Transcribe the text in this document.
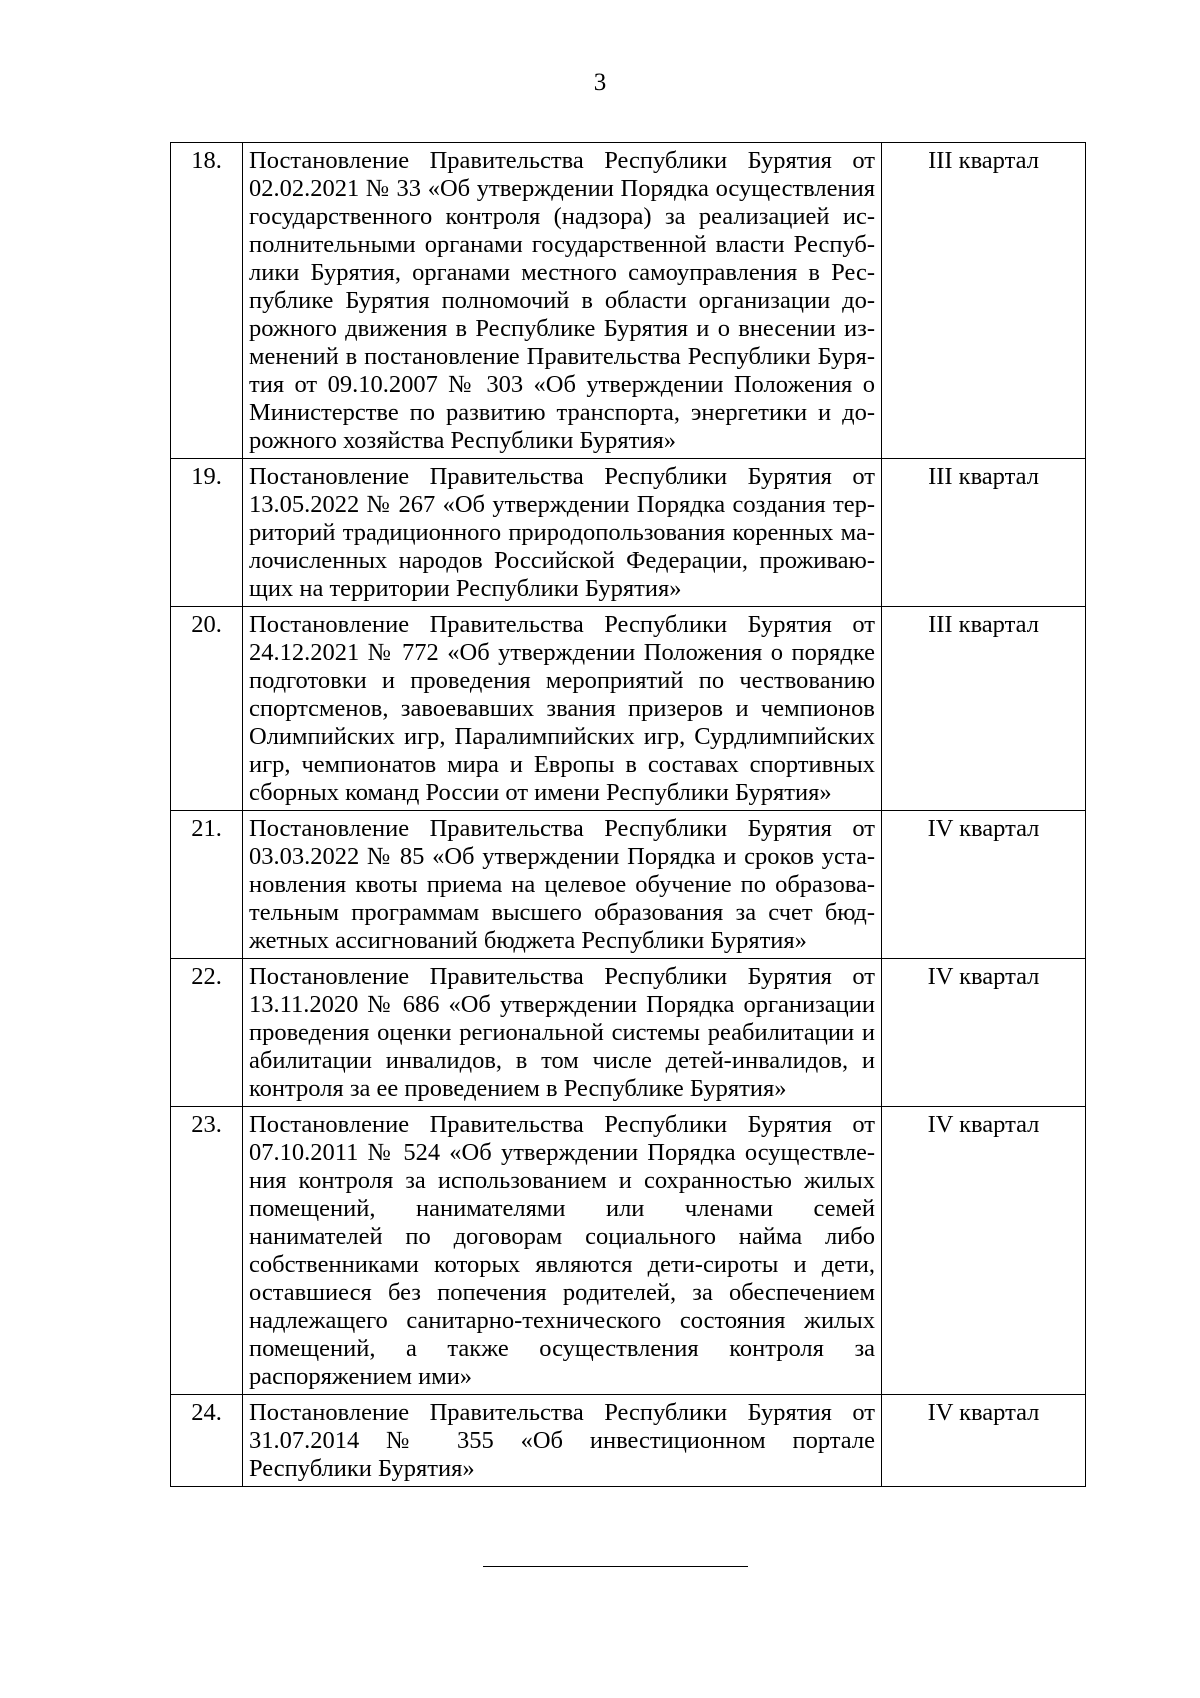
3
18.	Постановление Правительства Республики Бурятия от 02.02.2021 № 33 «Об утверждении Порядка осуществления государственного контроля (надзора) за реализацией исполнительными органами государственной власти Республики Бурятия, органами местного самоуправления в Республике Бурятия полномочий в области организации дорожного движения в Республике Бурятия и о внесении изменений в постановление Правительства Республики Бурятия от 09.10.2007 № 303 «Об утверждении Положения о Министерстве по развитию транспорта, энергетики и дорожного хозяйства Республики Бурятия»	III квартал
19.	Постановление Правительства Республики Бурятия от 13.05.2022 № 267 «Об утверждении Порядка создания территорий традиционного природопользования коренных малочисленных народов Российской Федерации, проживающих на территории Республики Бурятия»	III квартал
20.	Постановление Правительства Республики Бурятия от 24.12.2021 № 772 «Об утверждении Положения о порядке подготовки и проведения мероприятий по чествованию спортсменов, завоевавших звания призеров и чемпионов Олимпийских игр, Паралимпийских игр, Сурдлимпийских игр, чемпионатов мира и Европы в составах спортивных сборных команд России от имени Республики Бурятия»	III квартал
21.	Постановление Правительства Республики Бурятия от 03.03.2022 № 85 «Об утверждении Порядка и сроков установления квоты приема на целевое обучение по образовательным программам высшего образования за счет бюджетных ассигнований бюджета Республики Бурятия»	IV квартал
22.	Постановление Правительства Республики Бурятия от 13.11.2020 № 686 «Об утверждении Порядка организации проведения оценки региональной системы реабилитации и абилитации инвалидов, в том числе детей-инвалидов, и контроля за ее проведением в Республике Бурятия»	IV квартал
23.	Постановление Правительства Республики Бурятия от 07.10.2011 № 524 «Об утверждении Порядка осуществления контроля за использованием и сохранностью жилых помещений, нанимателями или членами семей нанимателей по договорам социального найма либо собственниками которых являются дети-сироты и дети, оставшиеся без попечения родителей, за обеспечением надлежащего санитарно-технического состояния жилых помещений, а также осуществления контроля за распоряжением ими»	IV квартал
24.	Постановление Правительства Республики Бурятия от 31.07.2014 № 355 «Об инвестиционном портале Республики Бурятия»	IV квартал
